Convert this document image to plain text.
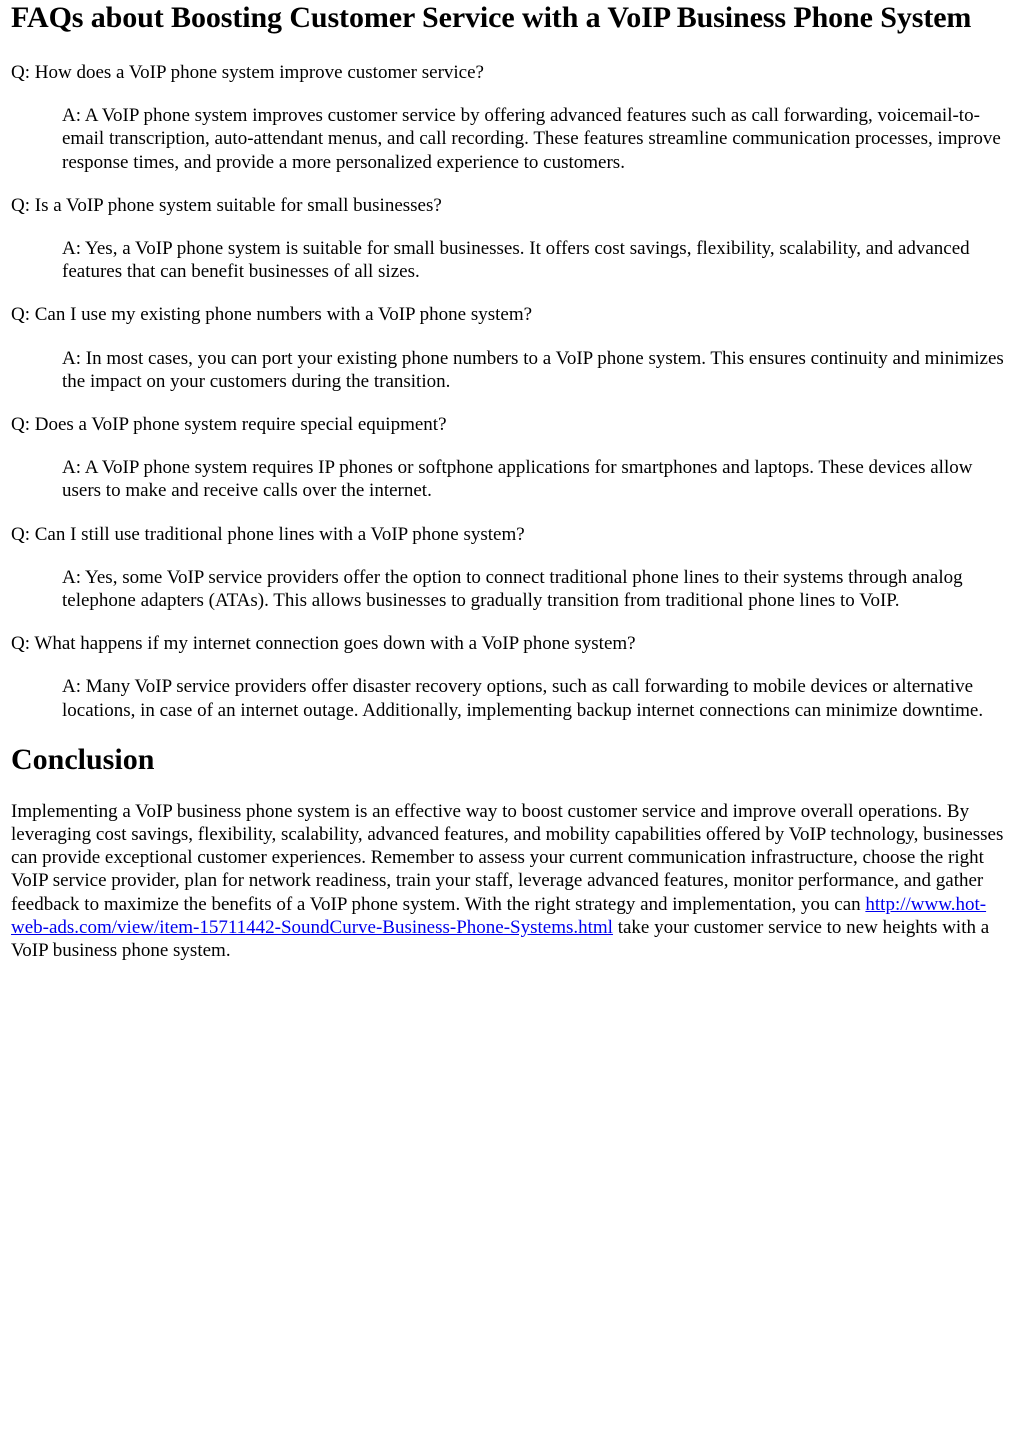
FAQs about Boosting Customer Service with a VoIP Business Phone System

Q: How does a VoIP phone system improve customer service?

A: A VoIP phone system improves customer service by offering advanced features such as call forwarding, voicemail-to-email transcription, auto-attendant menus, and call recording. These features streamline communication processes, improve response times, and provide a more personalized experience to customers.

Q: Is a VoIP phone system suitable for small businesses?

A: Yes, a VoIP phone system is suitable for small businesses. It offers cost savings, flexibility, scalability, and advanced features that can benefit businesses of all sizes.

Q: Can I use my existing phone numbers with a VoIP phone system?

A: In most cases, you can port your existing phone numbers to a VoIP phone system. This ensures continuity and minimizes the impact on your customers during the transition.

Q: Does a VoIP phone system require special equipment?

A: A VoIP phone system requires IP phones or softphone applications for smartphones and laptops. These devices allow users to make and receive calls over the internet.

Q: Can I still use traditional phone lines with a VoIP phone system?

A: Yes, some VoIP service providers offer the option to connect traditional phone lines to their systems through analog telephone adapters (ATAs). This allows businesses to gradually transition from traditional phone lines to VoIP.

Q: What happens if my internet connection goes down with a VoIP phone system?

A: Many VoIP service providers offer disaster recovery options, such as call forwarding to mobile devices or alternative locations, in case of an internet outage. Additionally, implementing backup internet connections can minimize downtime.

Conclusion

Implementing a VoIP business phone system is an effective way to boost customer service and improve overall operations. By leveraging cost savings, flexibility, scalability, advanced features, and mobility capabilities offered by VoIP technology, businesses can provide exceptional customer experiences. Remember to assess your current communication infrastructure, choose the right VoIP service provider, plan for network readiness, train your staff, leverage advanced features, monitor performance, and gather feedback to maximize the benefits of a VoIP phone system. With the right strategy and implementation, you can http://www.hot-web-ads.com/view/item-15711442-SoundCurve-Business-Phone-Systems.html take your customer service to new heights with a VoIP business phone system.
